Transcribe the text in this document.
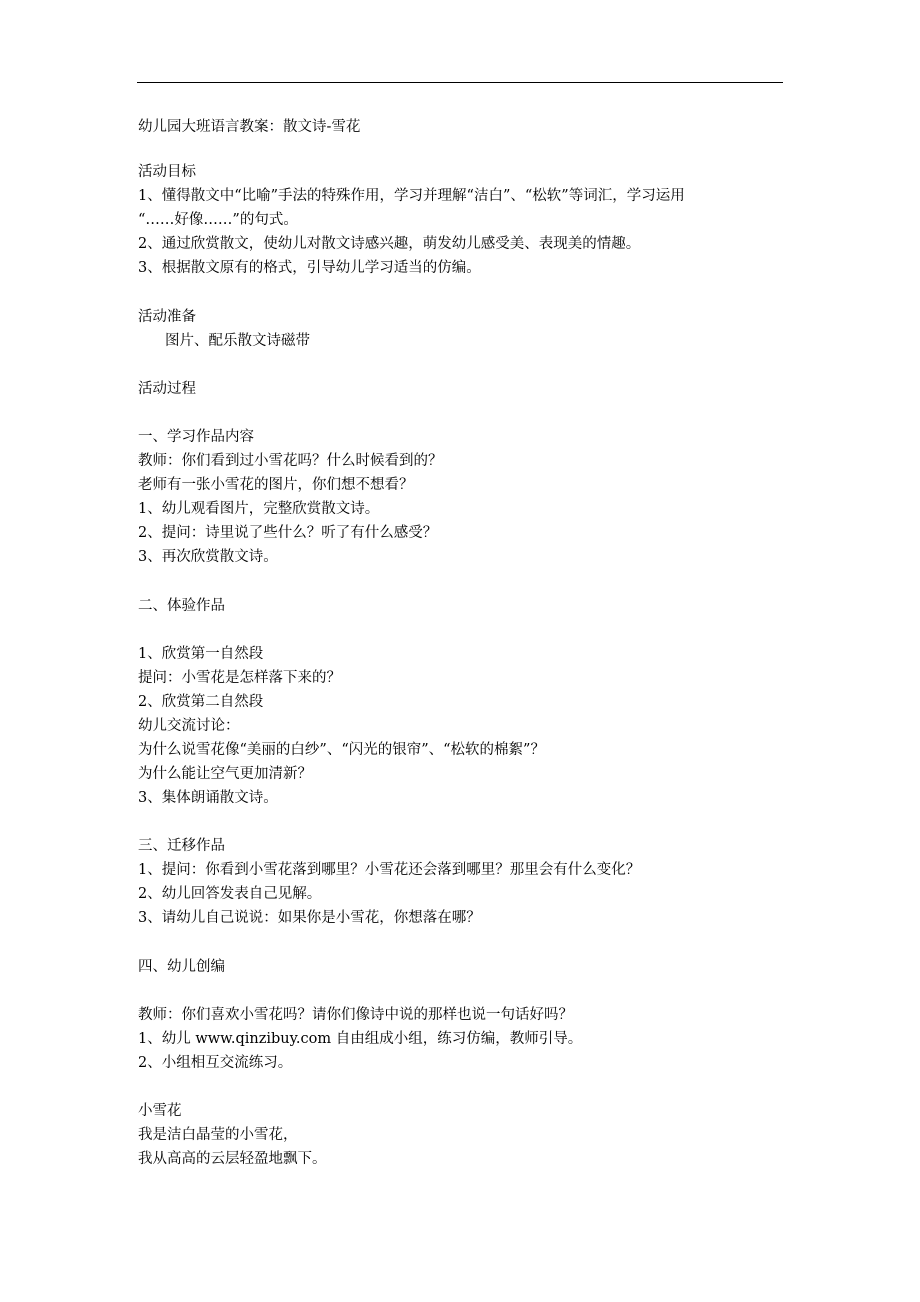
幼儿园大班语言教案：散文诗-雪花
活动目标
1、懂得散文中“比喻”手法的特殊作用，学习并理解“洁白”、“松软”等词汇，学习运用
“……好像……”的句式。
2、通过欣赏散文，使幼儿对散文诗感兴趣，萌发幼儿感受美、表现美的情趣。
3、根据散文原有的格式，引导幼儿学习适当的仿编。
活动准备
图片、配乐散文诗磁带
活动过程
一、学习作品内容
教师：你们看到过小雪花吗？什么时候看到的？
老师有一张小雪花的图片，你们想不想看？
1、幼儿观看图片，完整欣赏散文诗。
2、提问：诗里说了些什么？听了有什么感受？
3、再次欣赏散文诗。
二、体验作品
1、欣赏第一自然段
提问：小雪花是怎样落下来的？
2、欣赏第二自然段
幼儿交流讨论：
为什么说雪花像“美丽的白纱”、“闪光的银帘”、“松软的棉絮”？
为什么能让空气更加清新？
3、集体朗诵散文诗。
三、迁移作品
1、提问：你看到小雪花落到哪里？小雪花还会落到哪里？那里会有什么变化？
2、幼儿回答发表自己见解。
3、请幼儿自己说说：如果你是小雪花，你想落在哪？
四、幼儿创编
教师：你们喜欢小雪花吗？请你们像诗中说的那样也说一句话好吗？
1、幼儿 www.qinzibuy.com 自由组成小组，练习仿编，教师引导。
2、小组相互交流练习。
小雪花
我是洁白晶莹的小雪花，
我从高高的云层轻盈地飘下。
